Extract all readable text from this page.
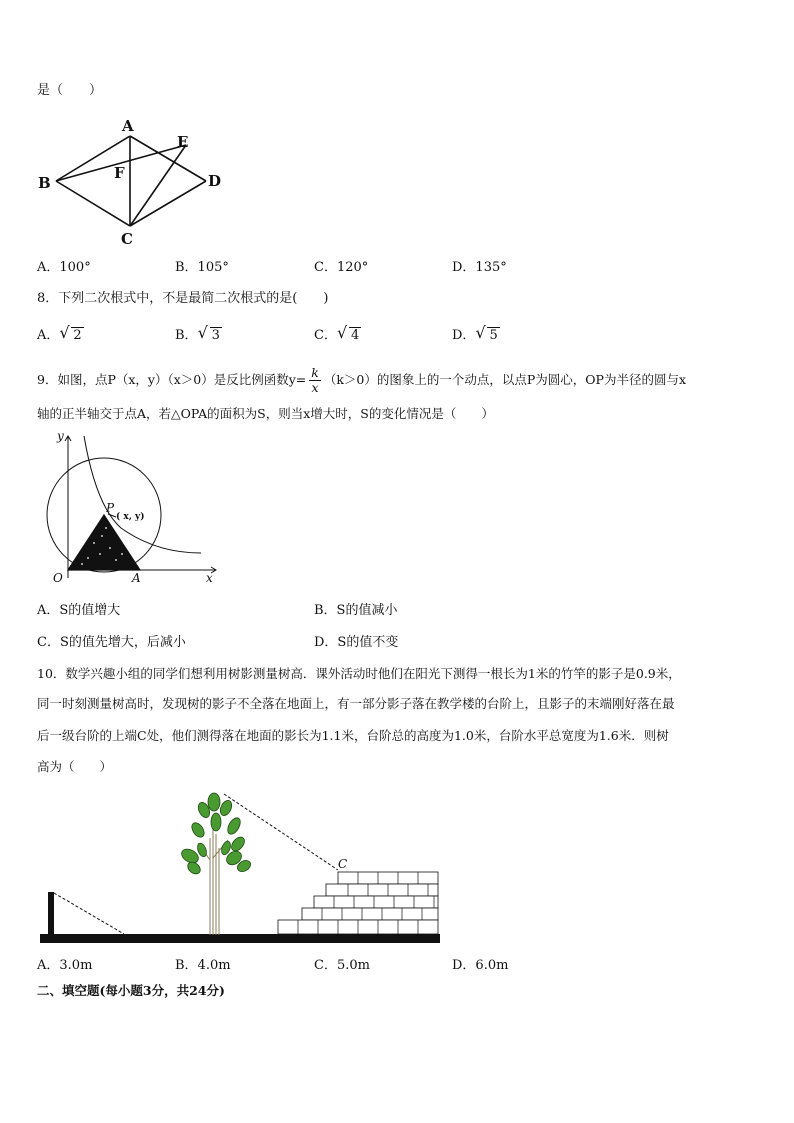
是（　　）
A
E
B
F	D
C
A．100°	B．105°	C．120°	D．135°
8．下列二次根式中，不是最简二次根式的是(　　)
A． √ 2	B． √ 3	C． √ 4	D． √ 5
9．如图，点P（x，y）（x＞0）是反比例函数$y= \frac{k}{x} (k>0)$的图象上的一个动点，以点P为圆心，OP为半径的圆与x
轴的正半轴交于点A，若△OPA的面积为S，则当x增大时，S的变化情况是（　　）
y
x
O	A
P
( x, y)
A．S的值增大	B．S的值减小
C．S的值先增大，后减小	D．S的值不变
10．数学兴趣小组的同学们想利用树影测量树高．课外活动时他们在阳光下测得一根长为1米的竹竿的影子是0.9米，
同一时刻测量树高时，发现树的影子不全落在地面上，有一部分影子落在教学楼的台阶上，且影子的末端刚好落在最
后一级台阶的上端C处，他们测得落在地面的影长为1.1米，台阶总的高度为1.0米，台阶水平总宽度为1.6米．则树
高为（　　）
C
A．3.0m	B．4.0m	C．5.0m	D．6.0m
二、填空题(每小题3分，共24分)
